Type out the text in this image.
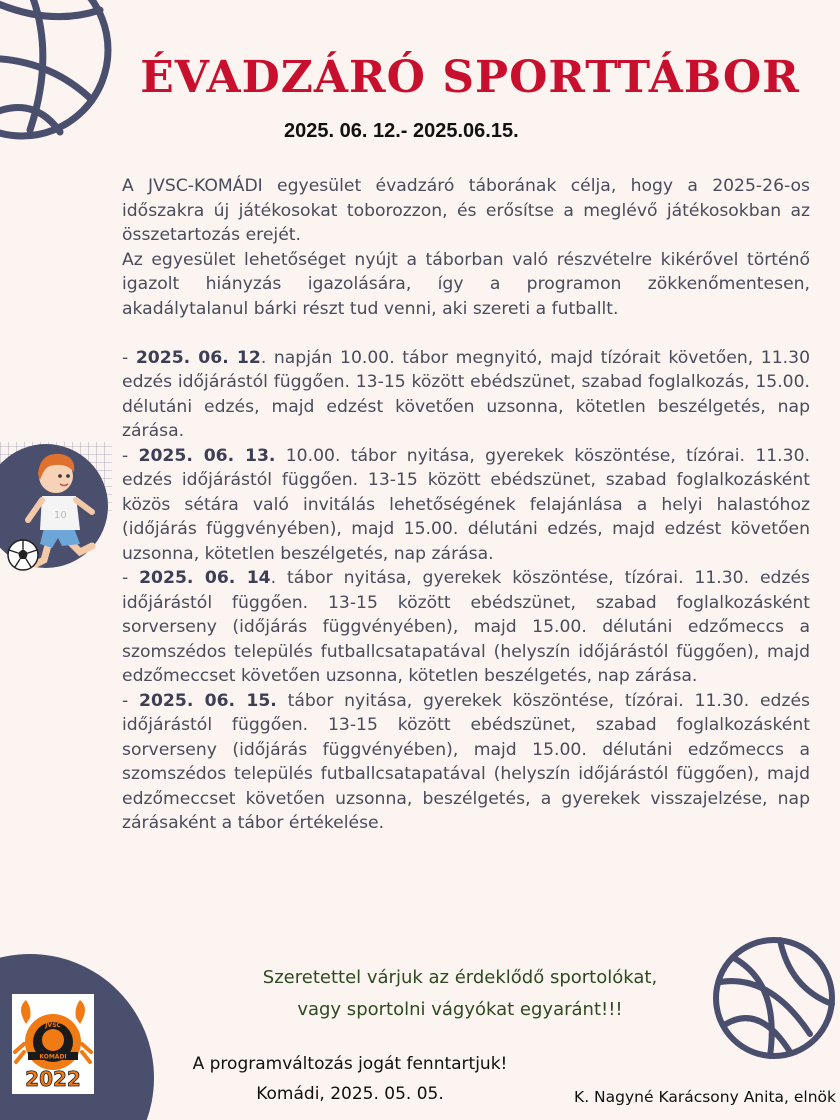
ÉVADZÁRÓ SPORTTÁBOR

2025. 06. 12.- 2025.06.15.

10

A JVSC-KOMÁDI egyesület évadzáró táborának célja, hogy a 2025-26-os időszakra új játékosokat toborozzon, és erősítse a meglévő játékosokban az összetartozás erejét.

Az egyesület lehetőséget nyújt a táborban való részvételre kikérővel történő igazolt hiányzás igazolására, így a programon zökkenőmentesen, akadálytalanul bárki részt tud venni, aki szereti a futballt.

- 2025. 06. 12. napján 10.00. tábor megnyitó, majd tízórait követően, 11.30 edzés időjárástól függően. 13-15 között ebédszünet, szabad foglalkozás, 15.00. délutáni edzés, majd edzést követően uzsonna, kötetlen beszélgetés, nap zárása.

- 2025. 06. 13. 10.00. tábor nyitása, gyerekek köszöntése, tízórai. 11.30. edzés időjárástól függően. 13-15 között ebédszünet, szabad foglalkozásként közös sétára való invitálás lehetőségének felajánlása a helyi halastóhoz (időjárás függvényében), majd 15.00. délutáni edzés, majd edzést követően uzsonna, kötetlen beszélgetés, nap zárása.

- 2025. 06. 14. tábor nyitása, gyerekek köszöntése, tízórai. 11.30. edzés időjárástól függően. 13-15 között ebédszünet, szabad foglalkozásként sorverseny (időjárás függvényében), majd 15.00. délutáni edzőmeccs a szomszédos település futballcsatapatával (helyszín időjárástól függően), majd edzőmeccset követően uzsonna, kötetlen beszélgetés, nap zárása.

- 2025. 06. 15. tábor nyitása, gyerekek köszöntése, tízórai. 11.30. edzés időjárástól függően. 13-15 között ebédszünet, szabad foglalkozásként sorverseny (időjárás függvényében), majd 15.00. délutáni edzőmeccs a szomszédos település futballcsatapatával (helyszín időjárástól függően), majd edzőmeccset követően uzsonna, beszélgetés, a gyerekek visszajelzése, nap zárásaként a tábor értékelése.

Szeretettel várjuk az érdeklődő sportolókat,
vagy sportolni vágyókat egyaránt!!!
JVSC
KOMÁDI
2022
A programváltozás jogát fenntartjuk!
Komádi, 2025. 05. 05.	K. Nagyné Karácsony Anita, elnök
